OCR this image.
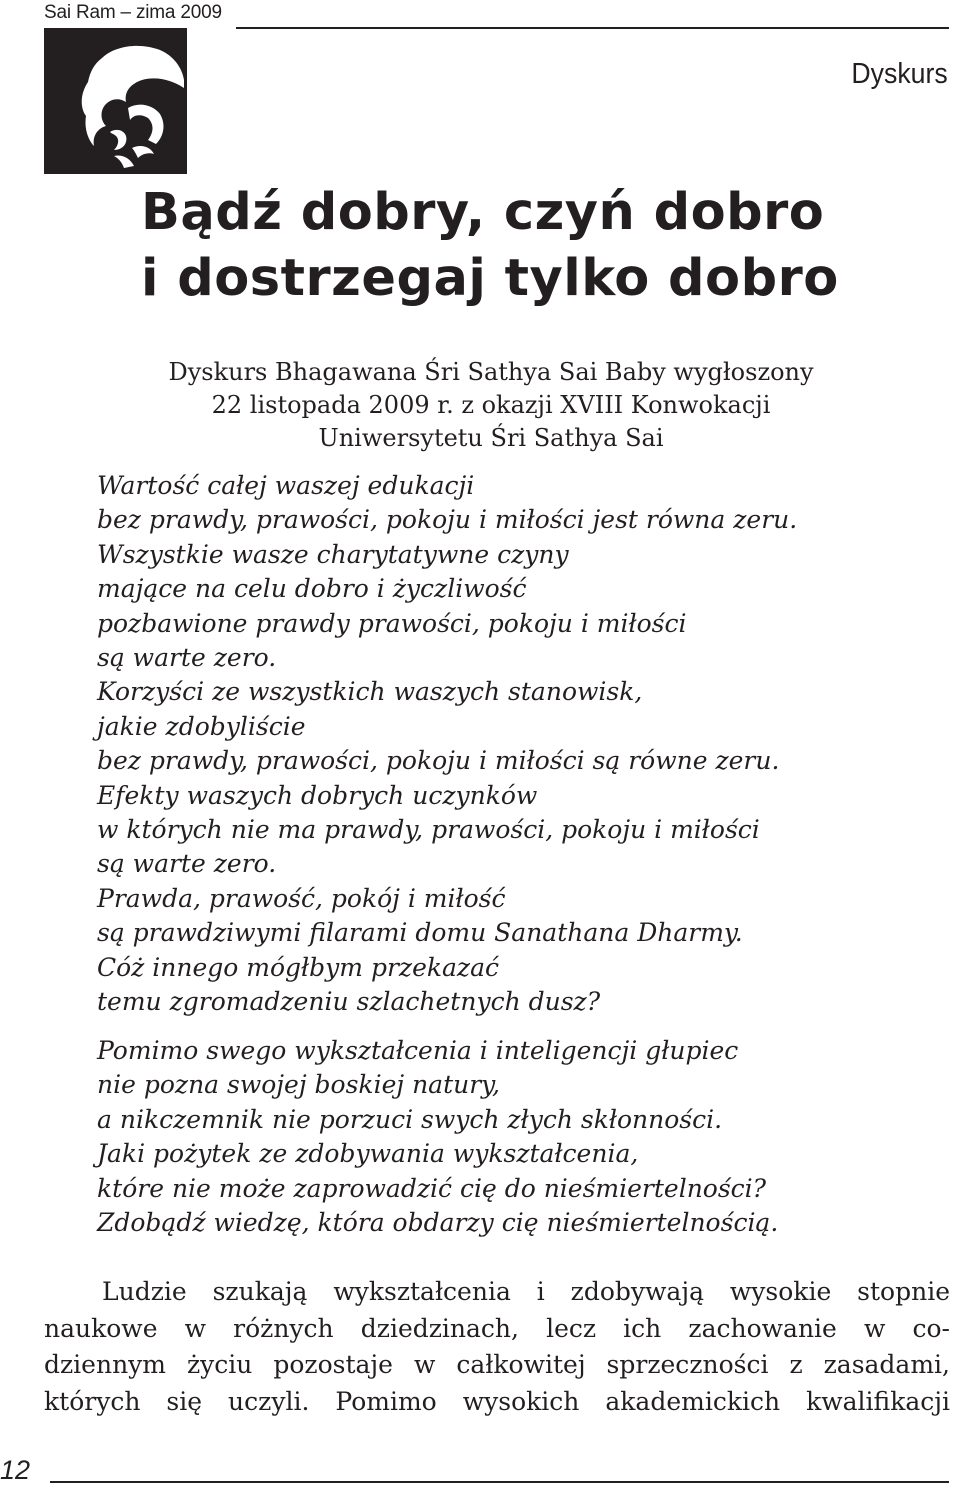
Sai Ram – zima 2009
Dyskurs
Bądź dobry, czyń dobro
i dostrzegaj tylko dobro
Dyskurs Bhagawana Śri Sathya Sai Baby wygłoszony
22 listopada 2009 r. z okazji XVIII Konwokacji
Uniwersytetu Śri Sathya Sai
Wartość całej waszej edukacji
bez prawdy, prawości, pokoju i miłości jest równa zeru.
Wszystkie wasze charytatywne czyny
mające na celu dobro i życzliwość
pozbawione prawdy prawości, pokoju i miłości
są warte zero.
Korzyści ze wszystkich waszych stanowisk,
jakie zdobyliście
bez prawdy, prawości, pokoju i miłości są równe zeru.
Efekty waszych dobrych uczynków
w których nie ma prawdy, prawości, pokoju i miłości
są warte zero.
Prawda, prawość, pokój i miłość
są prawdziwymi filarami domu Sanathana Dharmy.
Cóż innego mógłbym przekazać
temu zgromadzeniu szlachetnych dusz?
Pomimo swego wykształcenia i inteligencji głupiec
nie pozna swojej boskiej natury,
a nikczemnik nie porzuci swych złych skłonności.
Jaki pożytek ze zdobywania wykształcenia,
które nie może zaprowadzić cię do nieśmiertelności?
Zdobądź wiedzę, która obdarzy cię nieśmiertelnością.
Ludzie szukają wykształcenia i zdobywają wysokie stopnie
naukowe w różnych dziedzinach, lecz ich zachowanie w co-
dziennym życiu pozostaje w całkowitej sprzeczności z zasadami,
których się uczyli. Pomimo wysokich akademickich kwalifikacji
12
